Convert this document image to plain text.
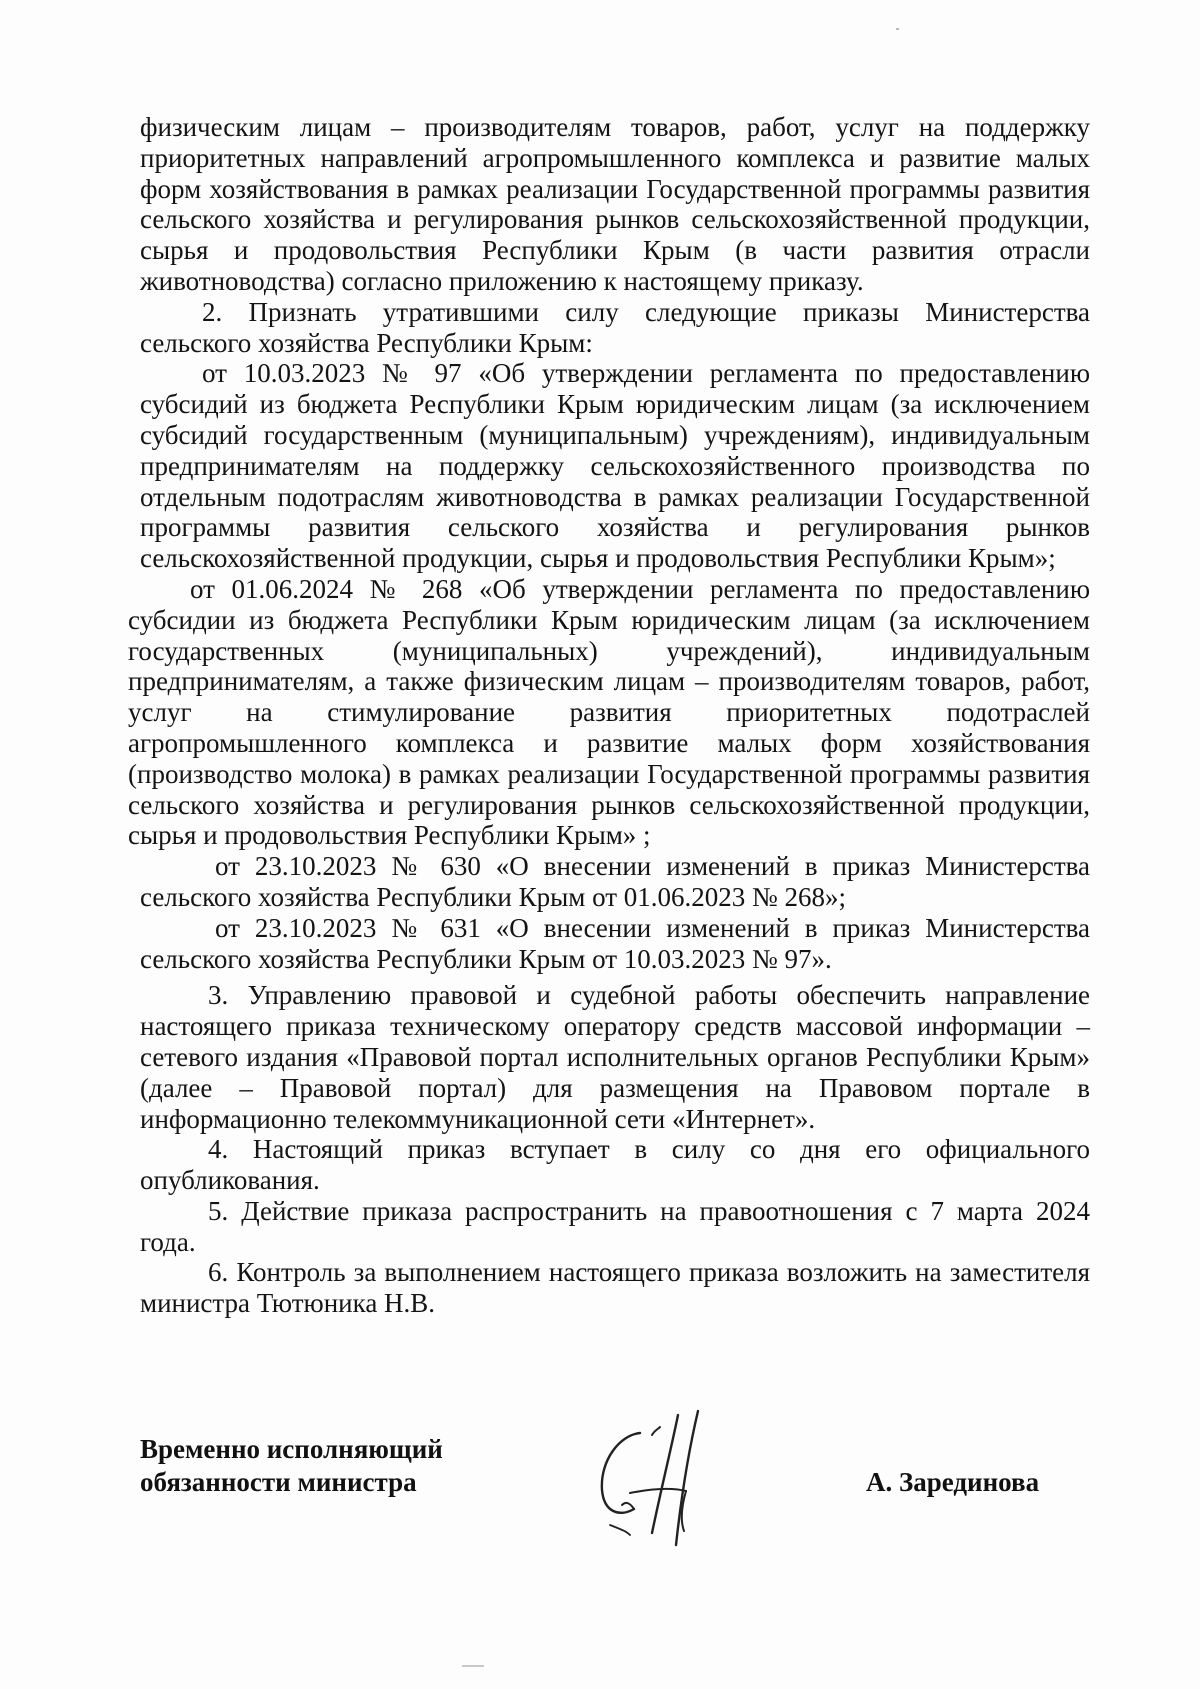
физическим лицам – производителям товаров, работ, услуг на поддержку приоритетных направлений агропромышленного комплекса и развитие малых форм хозяйствования в рамках реализации Государственной программы развития сельского хозяйства и регулирования рынков сельскохозяйственной продукции, сырья и продовольствия Республики Крым (в части развития отрасли животноводства) согласно приложению к настоящему приказу.

2. Признать утратившими силу следующие приказы Министерства сельского хозяйства Республики Крым:

от 10.03.2023 № 97 «Об утверждении регламента по предоставлению субсидий из бюджета Республики Крым юридическим лицам (за исключением субсидий государственным (муниципальным) учреждениям), индивидуальным предпринимателям на поддержку сельскохозяйственного производства по отдельным подотраслям животноводства в рамках реализации Государственной программы развития сельского хозяйства и регулирования рынков сельскохозяйственной продукции, сырья и продовольствия Республики Крым»;

от 01.06.2024 № 268 «Об утверждении регламента по предоставлению субсидии из бюджета Республики Крым юридическим лицам (за исключением государственных (муниципальных) учреждений), индивидуальным предпринимателям, а также физическим лицам – производителям товаров, работ, услуг на стимулирование развития приоритетных подотраслей агропромышленного комплекса и развитие малых форм хозяйствования (производство молока) в рамках реализации Государственной программы развития сельского хозяйства и регулирования рынков сельскохозяйственной продукции, сырья и продовольствия Республики Крым» ;

от 23.10.2023 № 630 «О внесении изменений в приказ Министерства сельского хозяйства Республики Крым от 01.06.2023 № 268»;

от 23.10.2023 № 631 «О внесении изменений в приказ Министерства сельского хозяйства Республики Крым от 10.03.2023 № 97».

3. Управлению правовой и судебной работы обеспечить направление настоящего приказа техническому оператору средств массовой информации – сетевого издания «Правовой портал исполнительных органов Республики Крым» (далее – Правовой портал) для размещения на Правовом портале в информационно телекоммуникационной сети «Интернет».

4. Настоящий приказ вступает в силу со дня его официального опубликования.

5. Действие приказа распространить на правоотношения с 7 марта 2024 года.

6. Контроль за выполнением настоящего приказа возложить на заместителя министра Тютюника Н.В.

Временно исполняющий
обязанности министра	А. Зарединова
